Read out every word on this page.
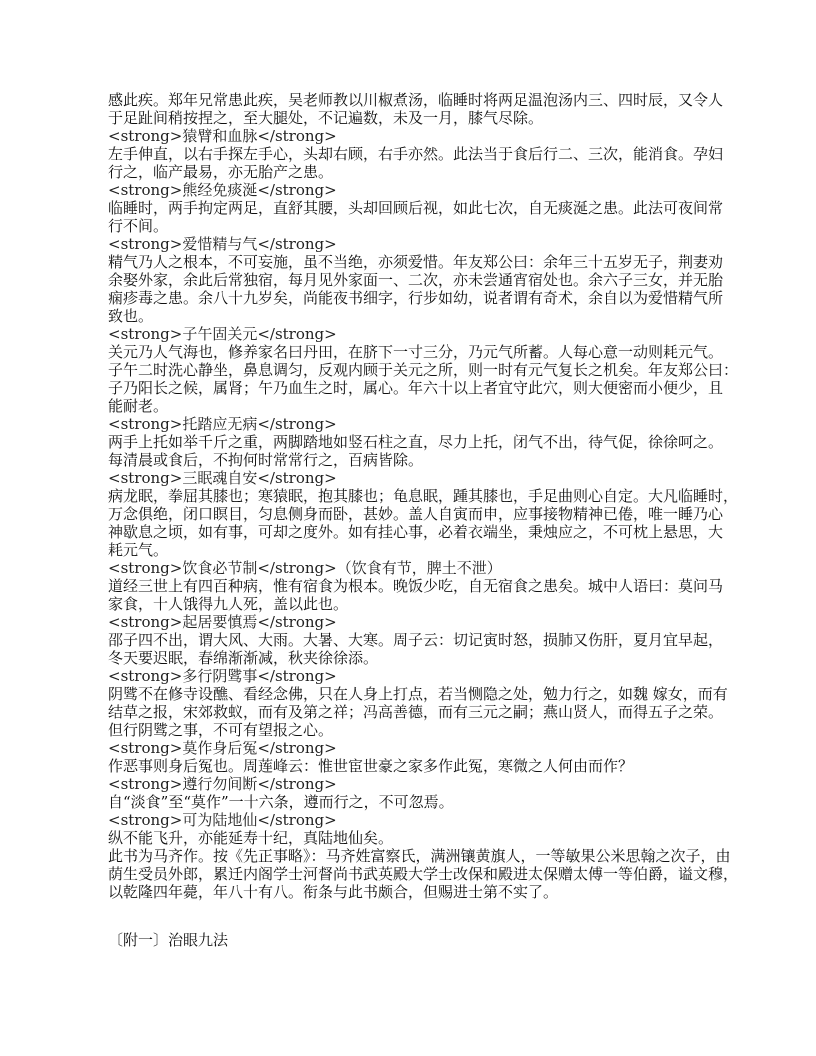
感此疾。郑年兄常患此疾，吴老师教以川椒煮汤，临睡时将两足温泡汤内三、四时辰，又令人
于足趾间稍按捏之，至大腿处，不记遍数，未及一月，膝气尽除。
<strong>猿臂和血脉</strong>
左手伸直，以右手探左手心，头却右顾，右手亦然。此法当于食后行二、三次，能消食。孕妇
行之，临产最易，亦无胎产之患。
<strong>熊经免痰涎</strong>
临睡时，两手拘定两足，直舒其腰，头却回顾后视，如此七次，自无痰涎之患。此法可夜间常
行不间。
<strong>爱惜精与气</strong>
精气乃人之根本，不可妄施，虽不当绝，亦须爱惜。年友郑公曰：余年三十五岁无子，荆妻劝
余娶外家，余此后常独宿，每月见外家面一、二次，亦未尝通宵宿处也。余六子三女，并无胎
痫疹毒之患。余八十九岁矣，尚能夜书细字，行步如幼，说者谓有奇术，余自以为爱惜精气所
致也。
<strong>子午固关元</strong>
关元乃人气海也，修养家名曰丹田，在脐下一寸三分，乃元气所蓄。人每心意一动则耗元气。
子午二时洗心静坐，鼻息调匀，反观内顾于关元之所，则一时有元气复长之机矣。年友郑公曰：
子乃阳长之候，属肾；午乃血生之时，属心。年六十以上者宜守此穴，则大便密而小便少，且
能耐老。
<strong>托踏应无病</strong>
两手上托如举千斤之重，两脚踏地如竖石柱之直，尽力上托，闭气不出，待气促，徐徐呵之。
每清晨或食后，不拘何时常常行之，百病皆除。
<strong>三眠魂自安</strong>
病龙眠，拳屈其膝也；寒猿眠，抱其膝也；龟息眠，踵其膝也，手足曲则心自定。大凡临睡时，
万念俱绝，闭口瞑目，匀息侧身而卧，甚妙。盖人自寅而申，应事接物精神已倦，唯一睡乃心
神歇息之顷，如有事，可却之度外。如有挂心事，必着衣端坐，秉烛应之，不可枕上悬思，大
耗元气。
<strong>饮食必节制</strong>（饮食有节，脾土不泄）
道经三世上有四百种病，惟有宿食为根本。晚饭少吃，自无宿食之患矣。城中人语曰：莫问马
家食，十人饿得九人死，盖以此也。
<strong>起居要慎焉</strong>
邵子四不出，谓大风、大雨。大暑、大寒。周子云：切记寅时怒，损肺又伤肝，夏月宜早起，
冬天要迟眠，春绵渐渐减，秋夹徐徐添。
<strong>多行阴骘事</strong>
阴骘不在修寺设醮、看经念佛，只在人身上打点，若当恻隐之处，勉力行之，如魏 嫁女，而有
结草之报，宋郊救蚁，而有及第之祥；冯高善德，而有三元之嗣；燕山贤人，而得五子之荣。
但行阴骘之事，不可有望报之心。
<strong>莫作身后冤</strong>
作恶事则身后冤也。周莲峰云：惟世宦世豪之家多作此冤，寒微之人何由而作？
<strong>遵行勿间断</strong>
自“淡食”至“莫作”一十六条，遵而行之，不可忽焉。
<strong>可为陆地仙</strong>
纵不能飞升，亦能延寿十纪，真陆地仙矣。
此书为马齐作。按《先正事略》：马齐姓富察氏，满洲镶黄旗人，一等敏果公米思翰之次子，由
荫生受员外郎，累迁内阁学士河督尚书武英殿大学士改保和殿进太保赠太傅一等伯爵，谥文穆，
以乾隆四年薨，年八十有八。衔条与此书颇合，但赐进士第不实了。
〔附一〕治眼九法
